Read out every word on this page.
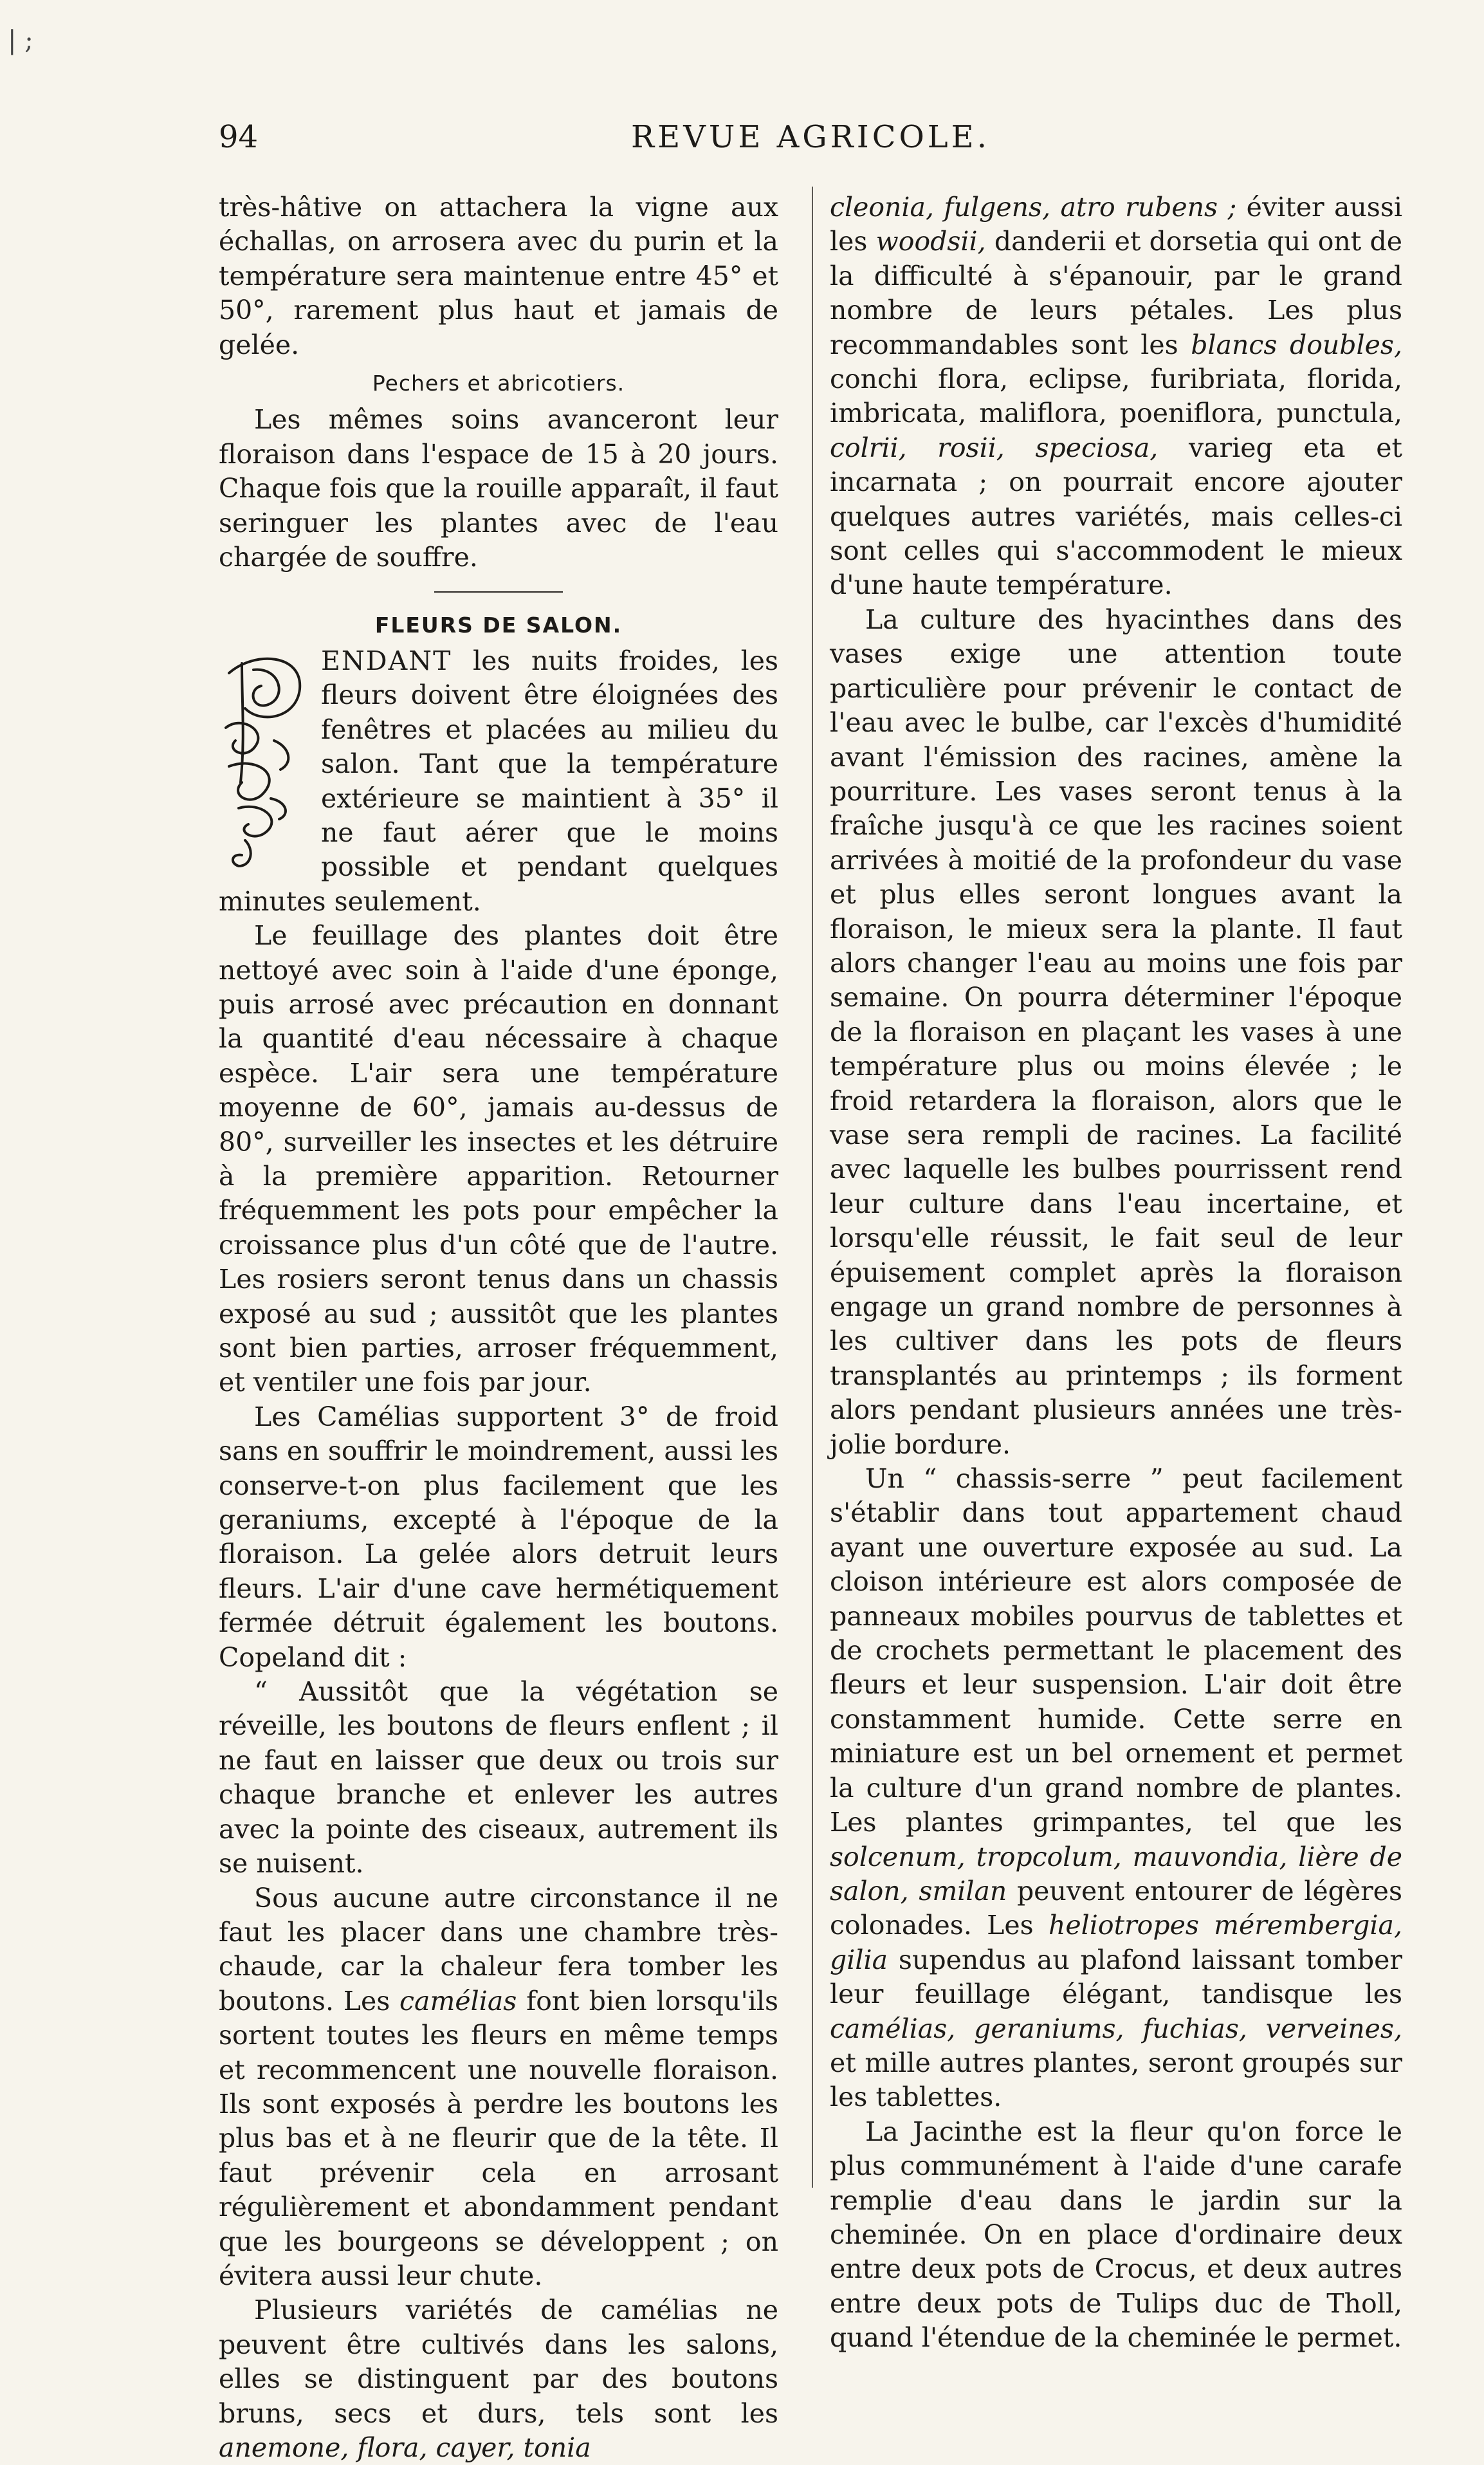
| ;
94	REVUE AGRICOLE.

très-hâtive on attachera la vigne aux échallas, on arrosera avec du purin et la température sera maintenue entre 45° et 50°, rarement plus haut et jamais de gelée.

Pechers et abricotiers.

Les mêmes soins avanceront leur floraison dans l'espace de 15 à 20 jours. Chaque fois que la rouille apparaît, il faut seringuer les plantes avec de l'eau chargée de souffre.

FLEURS DE SALON.

ENDANT les nuits froides, les fleurs doivent être éloignées des fenêtres et placées au milieu du salon. Tant que la température extérieure se maintient à 35° il ne faut aérer que le moins possible et pendant quelques minutes seulement.

Le feuillage des plantes doit être nettoyé avec soin à l'aide d'une éponge, puis arrosé avec précaution en donnant la quantité d'eau nécessaire à chaque espèce. L'air sera une température moyenne de 60°, jamais au-dessus de 80°, surveiller les insectes et les détruire à la première apparition. Retourner fréquemment les pots pour empêcher la croissance plus d'un côté que de l'autre. Les rosiers seront tenus dans un chassis exposé au sud ; aussitôt que les plantes sont bien parties, arroser fréquemment, et ventiler une fois par jour.

Les Camélias supportent 3° de froid sans en souffrir le moindrement, aussi les conserve-t-on plus facilement que les geraniums, excepté à l'époque de la floraison. La gelée alors detruit leurs fleurs. L'air d'une cave hermétiquement fermée détruit également les boutons. Copeland dit :

“ Aussitôt que la végétation se réveille, les boutons de fleurs enflent ; il ne faut en laisser que deux ou trois sur chaque branche et enlever les autres avec la pointe des ciseaux, autrement ils se nuisent.

Sous aucune autre circonstance il ne faut les placer dans une chambre très-chaude, car la chaleur fera tomber les boutons. Les camélias font bien lorsqu'ils sortent toutes les fleurs en même temps et recommencent une nouvelle floraison. Ils sont exposés à perdre les boutons les plus bas et à ne fleurir que de la tête. Il faut prévenir cela en arrosant régulièrement et abondamment pendant que les bourgeons se développent ; on évitera aussi leur chute.

Plusieurs variétés de camélias ne peuvent être cultivés dans les salons, elles se distinguent par des boutons bruns, secs et durs, tels sont les anemone, flora, cayer, tonia

cleonia, fulgens, atro rubens ; éviter aussi les woodsii, danderii et dorsetia qui ont de la difficulté à s'épanouir, par le grand nombre de leurs pétales. Les plus recommandables sont les blancs doubles, conchi flora, eclipse, furibriata, florida, imbricata, maliflora, poeniflora, punctula, colrii, rosii, speciosa, varieg eta et incarnata ; on pourrait encore ajouter quelques autres variétés, mais celles-ci sont celles qui s'accommodent le mieux d'une haute température.

La culture des hyacinthes dans des vases exige une attention toute particulière pour prévenir le contact de l'eau avec le bulbe, car l'excès d'humidité avant l'émission des racines, amène la pourriture. Les vases seront tenus à la fraîche jusqu'à ce que les racines soient arrivées à moitié de la profondeur du vase et plus elles seront longues avant la floraison, le mieux sera la plante. Il faut alors changer l'eau au moins une fois par semaine. On pourra déterminer l'époque de la floraison en plaçant les vases à une température plus ou moins élevée ; le froid retardera la floraison, alors que le vase sera rempli de racines. La facilité avec laquelle les bulbes pourrissent rend leur culture dans l'eau incertaine, et lorsqu'elle réussit, le fait seul de leur épuisement complet après la floraison engage un grand nombre de personnes à les cultiver dans les pots de fleurs transplantés au printemps ; ils forment alors pendant plusieurs années une très-jolie bordure.

Un “ chassis-serre ” peut facilement s'établir dans tout appartement chaud ayant une ouverture exposée au sud. La cloison intérieure est alors composée de panneaux mobiles pourvus de tablettes et de crochets permettant le placement des fleurs et leur suspension. L'air doit être constamment humide. Cette serre en miniature est un bel ornement et permet la culture d'un grand nombre de plantes. Les plantes grimpantes, tel que les solcenum, tropcolum, mauvondia, lière de salon, smilan peuvent entourer de légères colonades. Les heliotropes mérembergia, gilia supendus au plafond laissant tomber leur feuillage élégant, tandisque les camélias, geraniums, fuchias, verveines, et mille autres plantes, seront groupés sur les tablettes.

La Jacinthe est la fleur qu'on force le plus communément à l'aide d'une carafe remplie d'eau dans le jardin sur la cheminée. On en place d'ordinaire deux entre deux pots de Crocus, et deux autres entre deux pots de Tulips duc de Tholl, quand l'étendue de la cheminée le permet.
